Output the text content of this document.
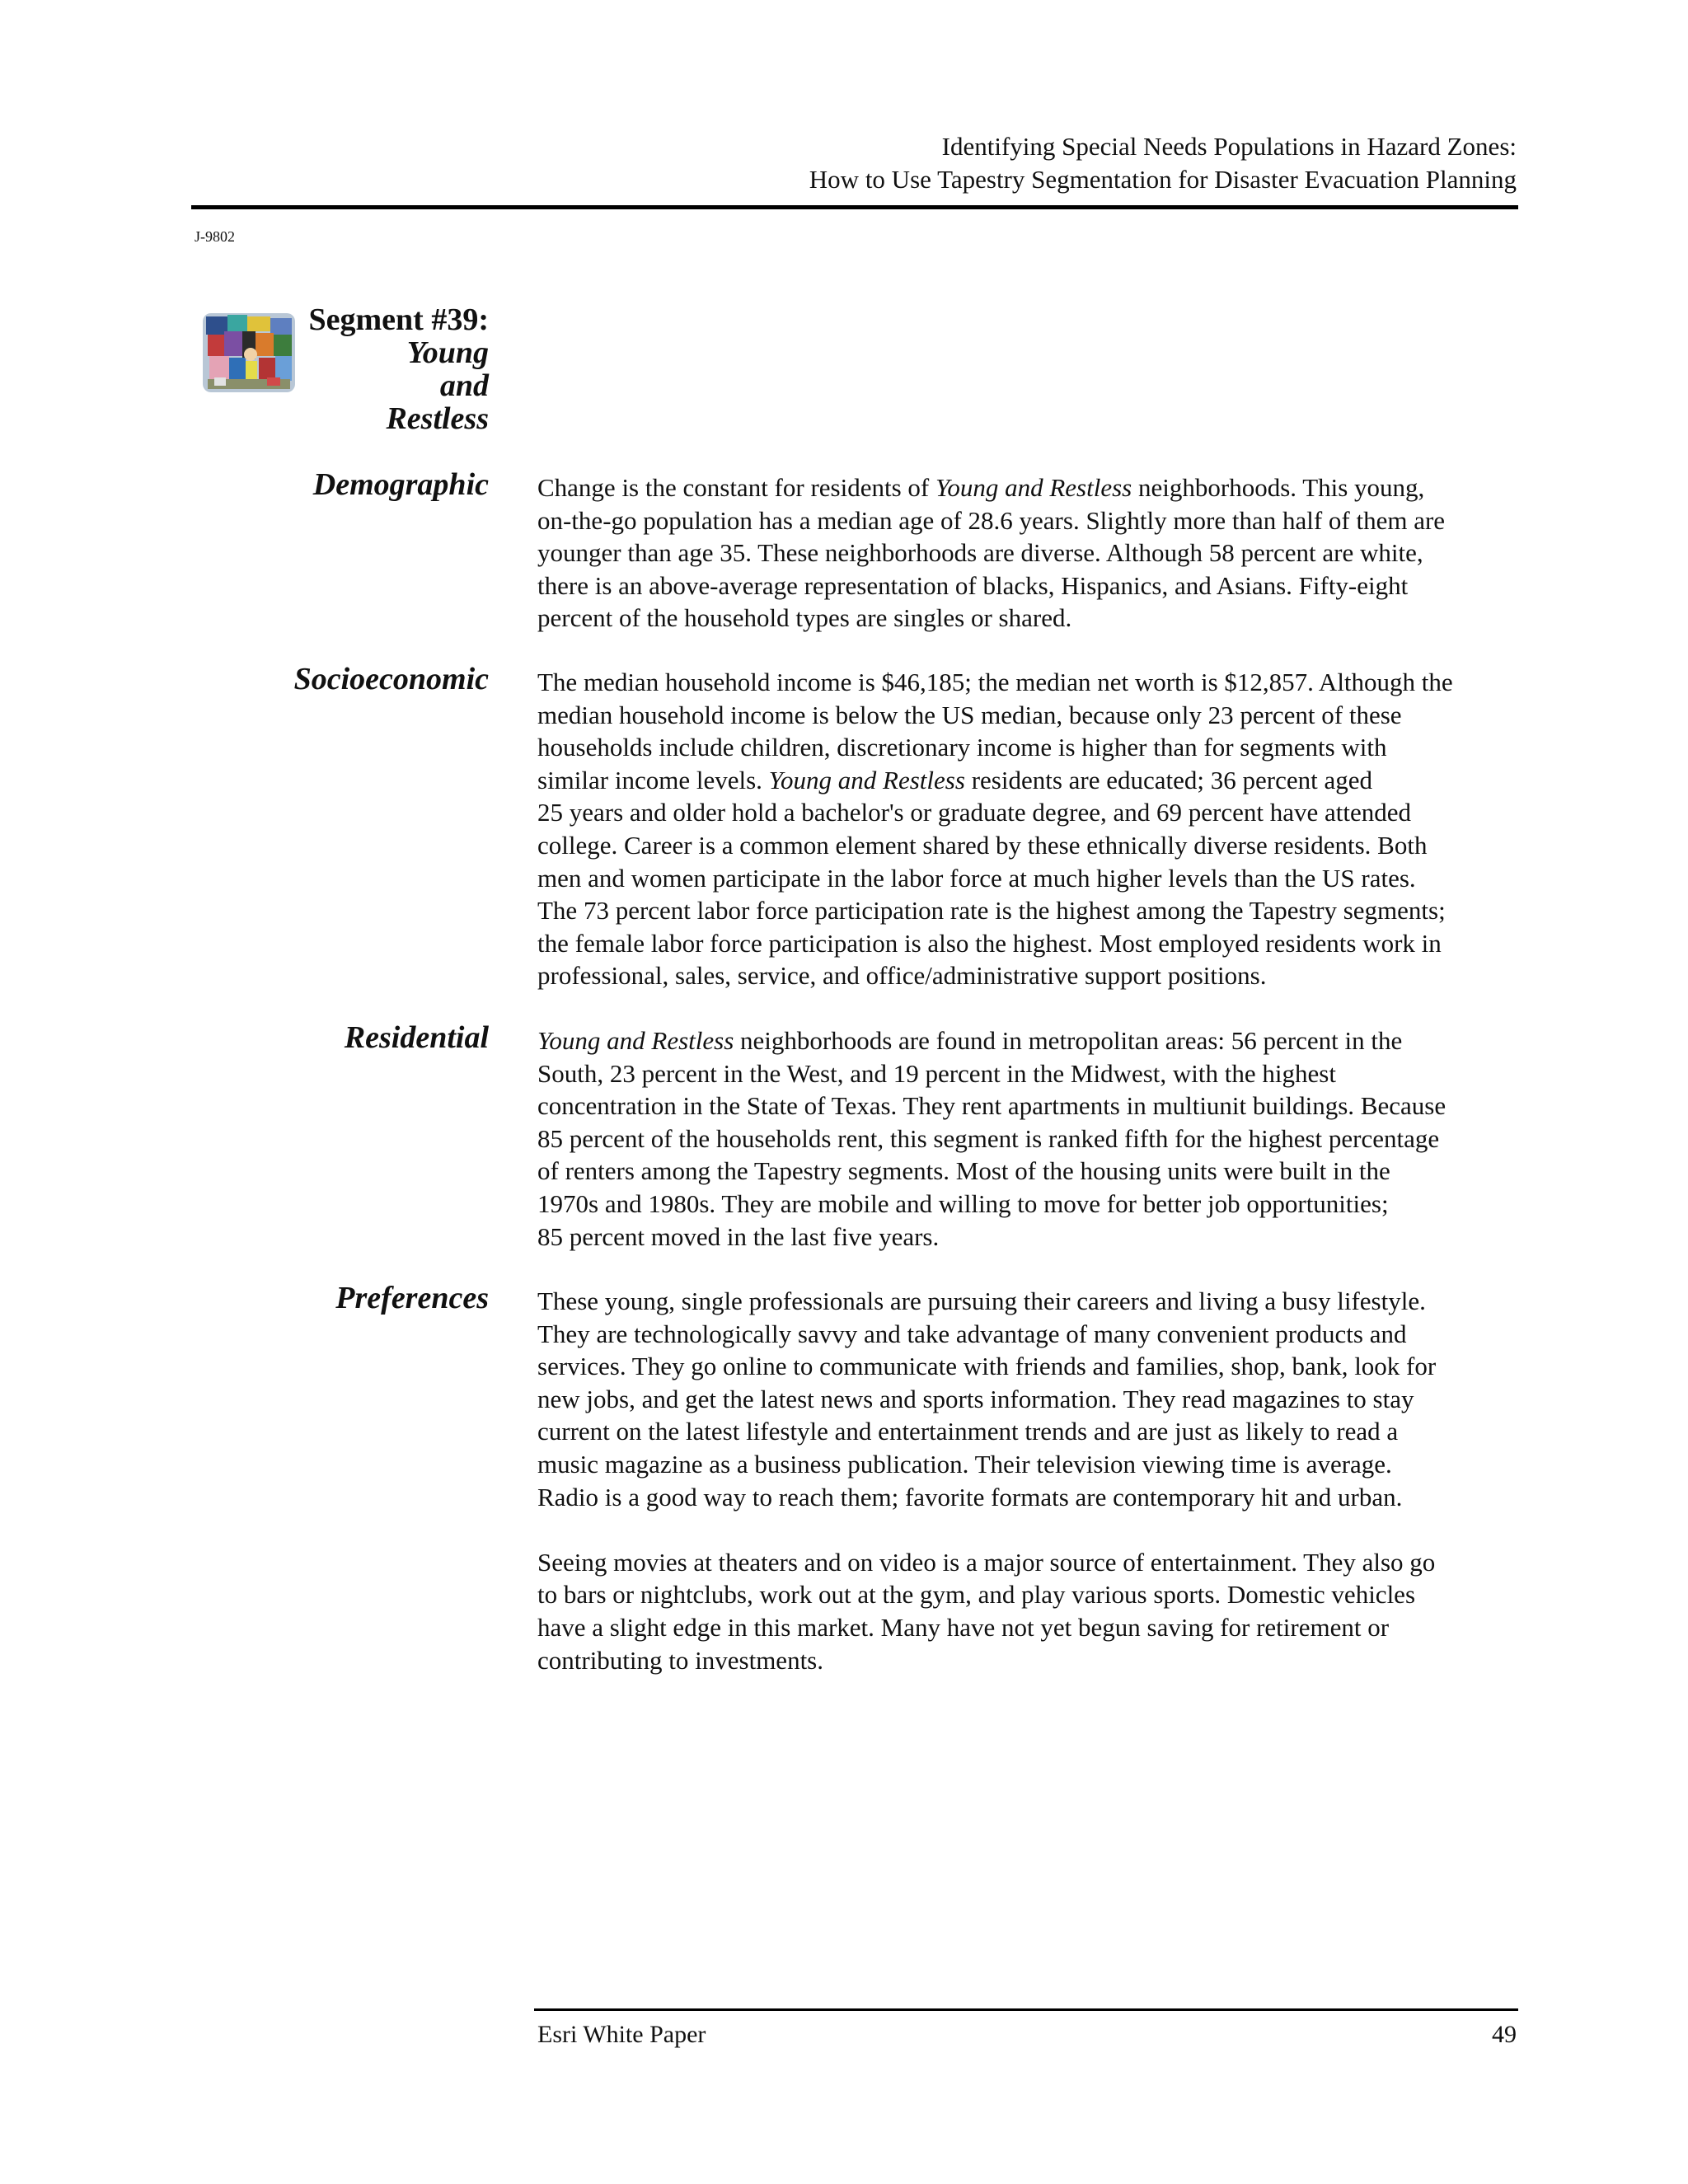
Identifying Special Needs Populations in Hazard Zones:
How to Use Tapestry Segmentation for Disaster Evacuation Planning
J-9802
Segment #39:
Young
and
Restless
Demographic Change is the constant for residents of Young and Restless neighborhoods. This young,
on-the-go population has a median age of 28.6 years. Slightly more than half of them are
younger than age 35. These neighborhoods are diverse. Although 58 percent are white,
there is an above-average representation of blacks, Hispanics, and Asians. Fifty-eight
percent of the household types are singles or shared.

Socioeconomic The median household income is $46,185; the median net worth is $12,857. Although the
median household income is below the US median, because only 23 percent of these
households include children, discretionary income is higher than for segments with
similar income levels. Young and Restless residents are educated; 36 percent aged
25 years and older hold a bachelor's or graduate degree, and 69 percent have attended
college. Career is a common element shared by these ethnically diverse residents. Both
men and women participate in the labor force at much higher levels than the US rates.
The 73 percent labor force participation rate is the highest among the Tapestry segments;
the female labor force participation is also the highest. Most employed residents work in
professional, sales, service, and office/administrative support positions.

Residential Young and Restless neighborhoods are found in metropolitan areas: 56 percent in the
South, 23 percent in the West, and 19 percent in the Midwest, with the highest
concentration in the State of Texas. They rent apartments in multiunit buildings. Because
85 percent of the households rent, this segment is ranked fifth for the highest percentage
of renters among the Tapestry segments. Most of the housing units were built in the
1970s and 1980s. They are mobile and willing to move for better job opportunities;
85 percent moved in the last five years.

Preferences These young, single professionals are pursuing their careers and living a busy lifestyle.
They are technologically savvy and take advantage of many convenient products and
services. They go online to communicate with friends and families, shop, bank, look for
new jobs, and get the latest news and sports information. They read magazines to stay
current on the latest lifestyle and entertainment trends and are just as likely to read a
music magazine as a business publication. Their television viewing time is average.
Radio is a good way to reach them; favorite formats are contemporary hit and urban.

Seeing movies at theaters and on video is a major source of entertainment. They also go
to bars or nightclubs, work out at the gym, and play various sports. Domestic vehicles
have a slight edge in this market. Many have not yet begun saving for retirement or
contributing to investments.

Esri White Paper	49
